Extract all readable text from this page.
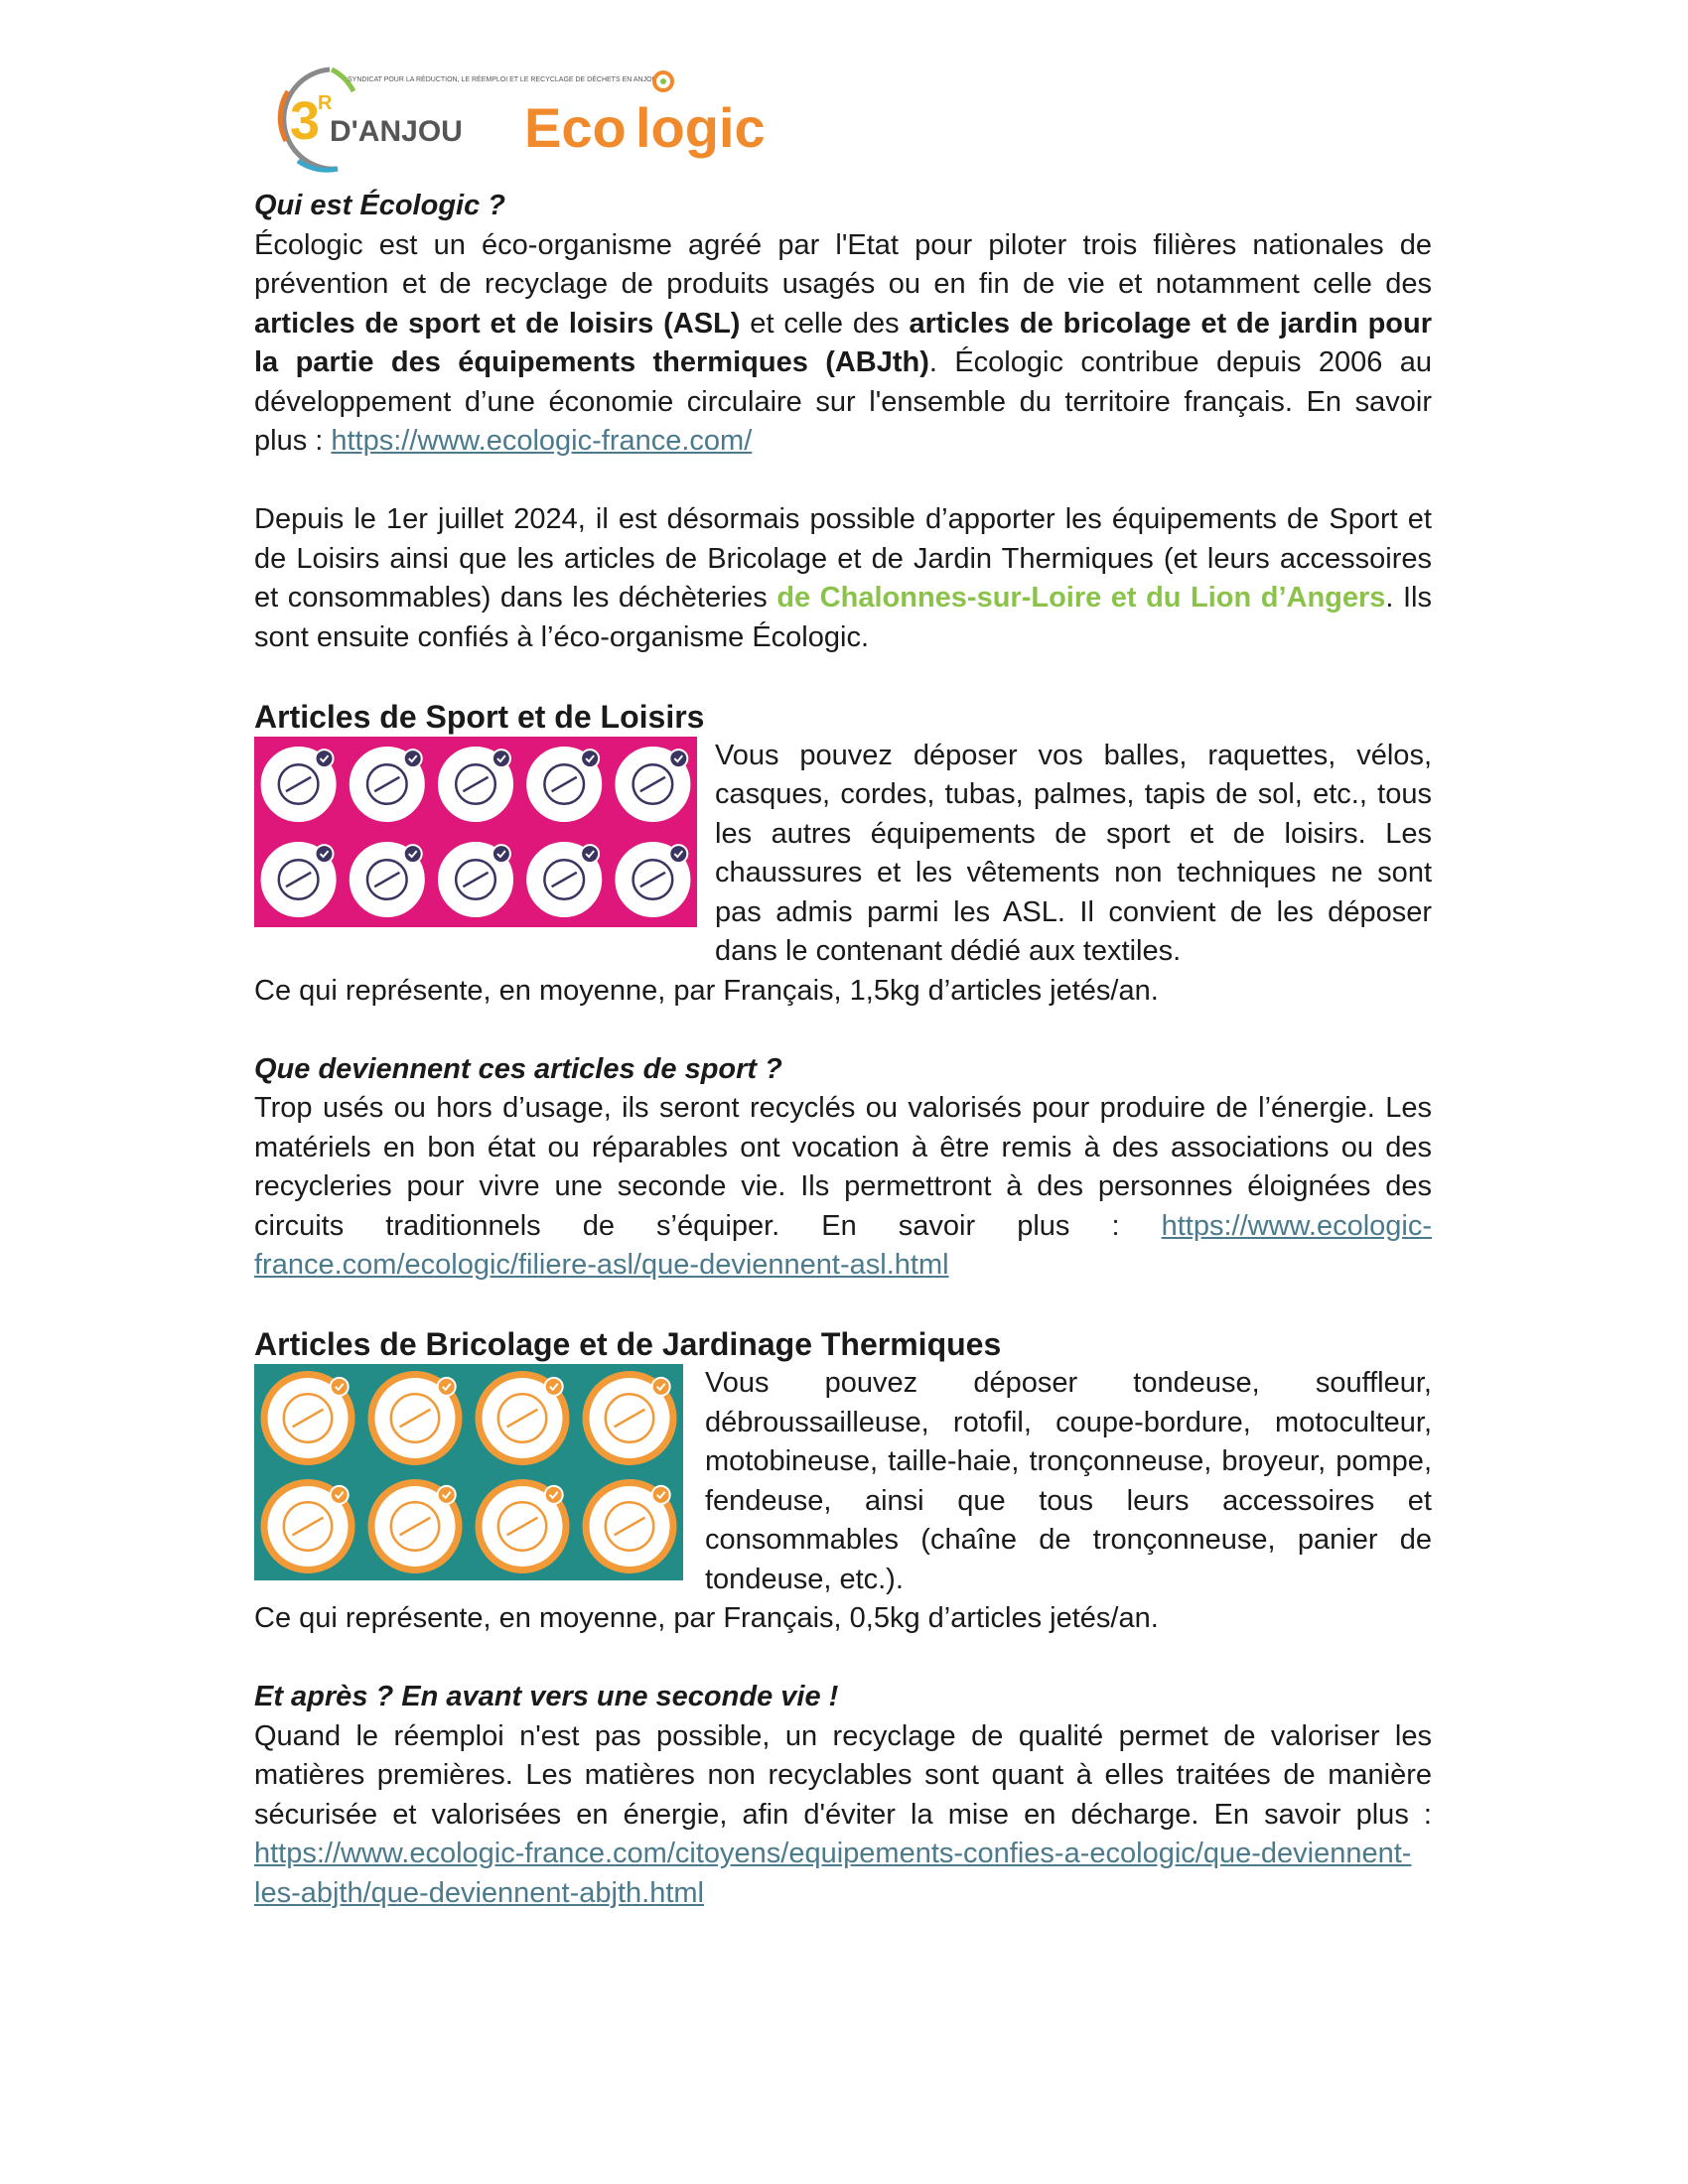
3
R
SYNDICAT POUR LA RÉDUCTION, LE RÉEMPLOI ET LE RECYCLAGE DE DÉCHETS EN ANJOU
D'ANJOU Eco logic

Qui est Écologic ?

Écologic est un éco-organisme agréé par l'Etat pour piloter trois filières nationales de prévention et de recyclage de produits usagés ou en fin de vie et notamment celle des articles de sport et de loisirs (ASL) et celle des articles de bricolage et de jardin pour la partie des équipements thermiques (ABJth). Écologic contribue depuis 2006 au développement d’une économie circulaire sur l'ensemble du territoire français. En savoir plus : https://www.ecologic-france.com/

Depuis le 1er juillet 2024, il est désormais possible d’apporter les équipements de Sport et de Loisirs ainsi que les articles de Bricolage et de Jardin Thermiques (et leurs accessoires et consommables) dans les déchèteries de Chalonnes-sur-Loire et du Lion d’Angers. Ils sont ensuite confiés à l’éco-organisme Écologic.

Articles de Sport et de Loisirs

Vous pouvez déposer vos balles, raquettes, vélos, casques, cordes, tubas, palmes, tapis de sol, etc., tous les autres équipements de sport et de loisirs. Les chaussures et les vêtements non techniques ne sont pas admis parmi les ASL. Il convient de les déposer dans le contenant dédié aux textiles.

Ce qui représente, en moyenne, par Français, 1,5kg d’articles jetés/an.

Que deviennent ces articles de sport ?

Trop usés ou hors d’usage, ils seront recyclés ou valorisés pour produire de l’énergie. Les matériels en bon état ou réparables ont vocation à être remis à des associations ou des recycleries pour vivre une seconde vie. Ils permettront à des personnes éloignées des circuits traditionnels de s’équiper. En savoir plus : https://www.ecologic-france.com/ecologic/filiere-asl/que-deviennent-asl.html

Articles de Bricolage et de Jardinage Thermiques

Vous pouvez déposer tondeuse, souffleur, débroussailleuse, rotofil, coupe-bordure, motoculteur, motobineuse, taille-haie, tronçonneuse, broyeur, pompe, fendeuse, ainsi que tous leurs accessoires et consommables (chaîne de tronçonneuse, panier de tondeuse, etc.).

Ce qui représente, en moyenne, par Français, 0,5kg d’articles jetés/an.

Et après ? En avant vers une seconde vie !

Quand le réemploi n'est pas possible, un recyclage de qualité permet de valoriser les matières premières. Les matières non recyclables sont quant à elles traitées de manière sécurisée et valorisées en énergie, afin d'éviter la mise en décharge. En savoir plus : https://www.ecologic-france.com/citoyens/equipements-confies-a-ecologic/que-deviennent-les-abjth/que-deviennent-abjth.html
